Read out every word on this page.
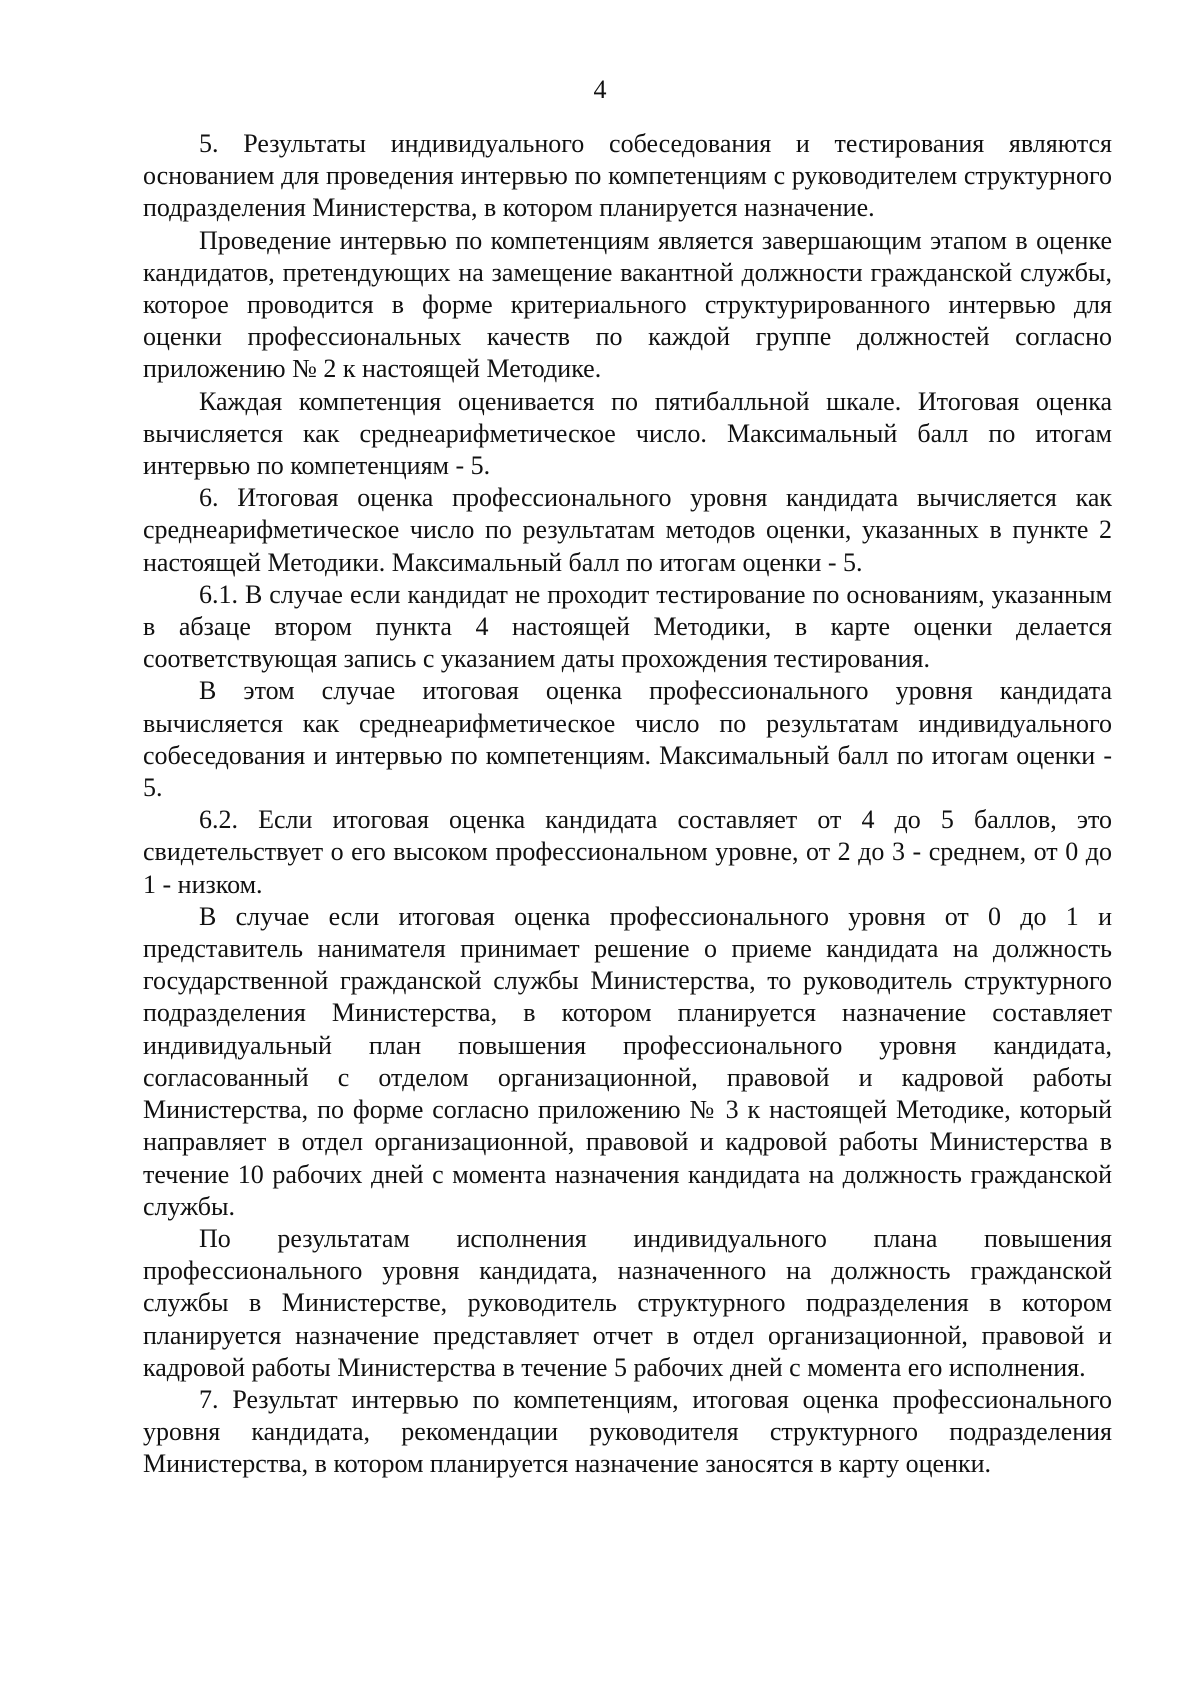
4

5. Результаты индивидуального собеседования и тестирования являются основанием для проведения интервью по компетенциям с руководителем структурного подразделения Министерства, в котором планируется назначение.

Проведение интервью по компетенциям является завершающим этапом в оценке кандидатов, претендующих на замещение вакантной должности гражданской службы, которое проводится в форме критериального структурированного интервью для оценки профессиональных качеств по каждой группе должностей согласно приложению № 2 к настоящей Методике.

Каждая компетенция оценивается по пятибалльной шкале. Итоговая оценка вычисляется как среднеарифметическое число. Максимальный балл по итогам интервью по компетенциям - 5.

6. Итоговая оценка профессионального уровня кандидата вычисляется как среднеарифметическое число по результатам методов оценки, указанных в пункте 2 настоящей Методики. Максимальный балл по итогам оценки - 5.

6.1. В случае если кандидат не проходит тестирование по основаниям, указанным в абзаце втором пункта 4 настоящей Методики, в карте оценки делается соответствующая запись с указанием даты прохождения тестирования.

В этом случае итоговая оценка профессионального уровня кандидата вычисляется как среднеарифметическое число по результатам индивидуального собеседования и интервью по компетенциям. Максимальный балл по итогам оценки - 5.

6.2. Если итоговая оценка кандидата составляет от 4 до 5 баллов, это свидетельствует о его высоком профессиональном уровне, от 2 до 3 - среднем, от 0 до 1 - низком.

В случае если итоговая оценка профессионального уровня от 0 до 1 и представитель нанимателя принимает решение о приеме кандидата на должность государственной гражданской службы Министерства, то руководитель структурного подразделения Министерства, в котором планируется назначение составляет индивидуальный план повышения профессионального уровня кандидата, согласованный с отделом организационной, правовой и кадровой работы Министерства, по форме согласно приложению № 3 к настоящей Методике, который направляет в отдел организационной, правовой и кадровой работы Министерства в течение 10 рабочих дней с момента назначения кандидата на должность гражданской службы.

По результатам исполнения индивидуального плана повышения профессионального уровня кандидата, назначенного на должность гражданской службы в Министерстве, руководитель структурного подразделения в котором планируется назначение представляет отчет в отдел организационной, правовой и кадровой работы Министерства в течение 5 рабочих дней с момента его исполнения.

7. Результат интервью по компетенциям, итоговая оценка профессионального уровня кандидата, рекомендации руководителя структурного подразделения Министерства, в котором планируется назначение заносятся в карту оценки.
